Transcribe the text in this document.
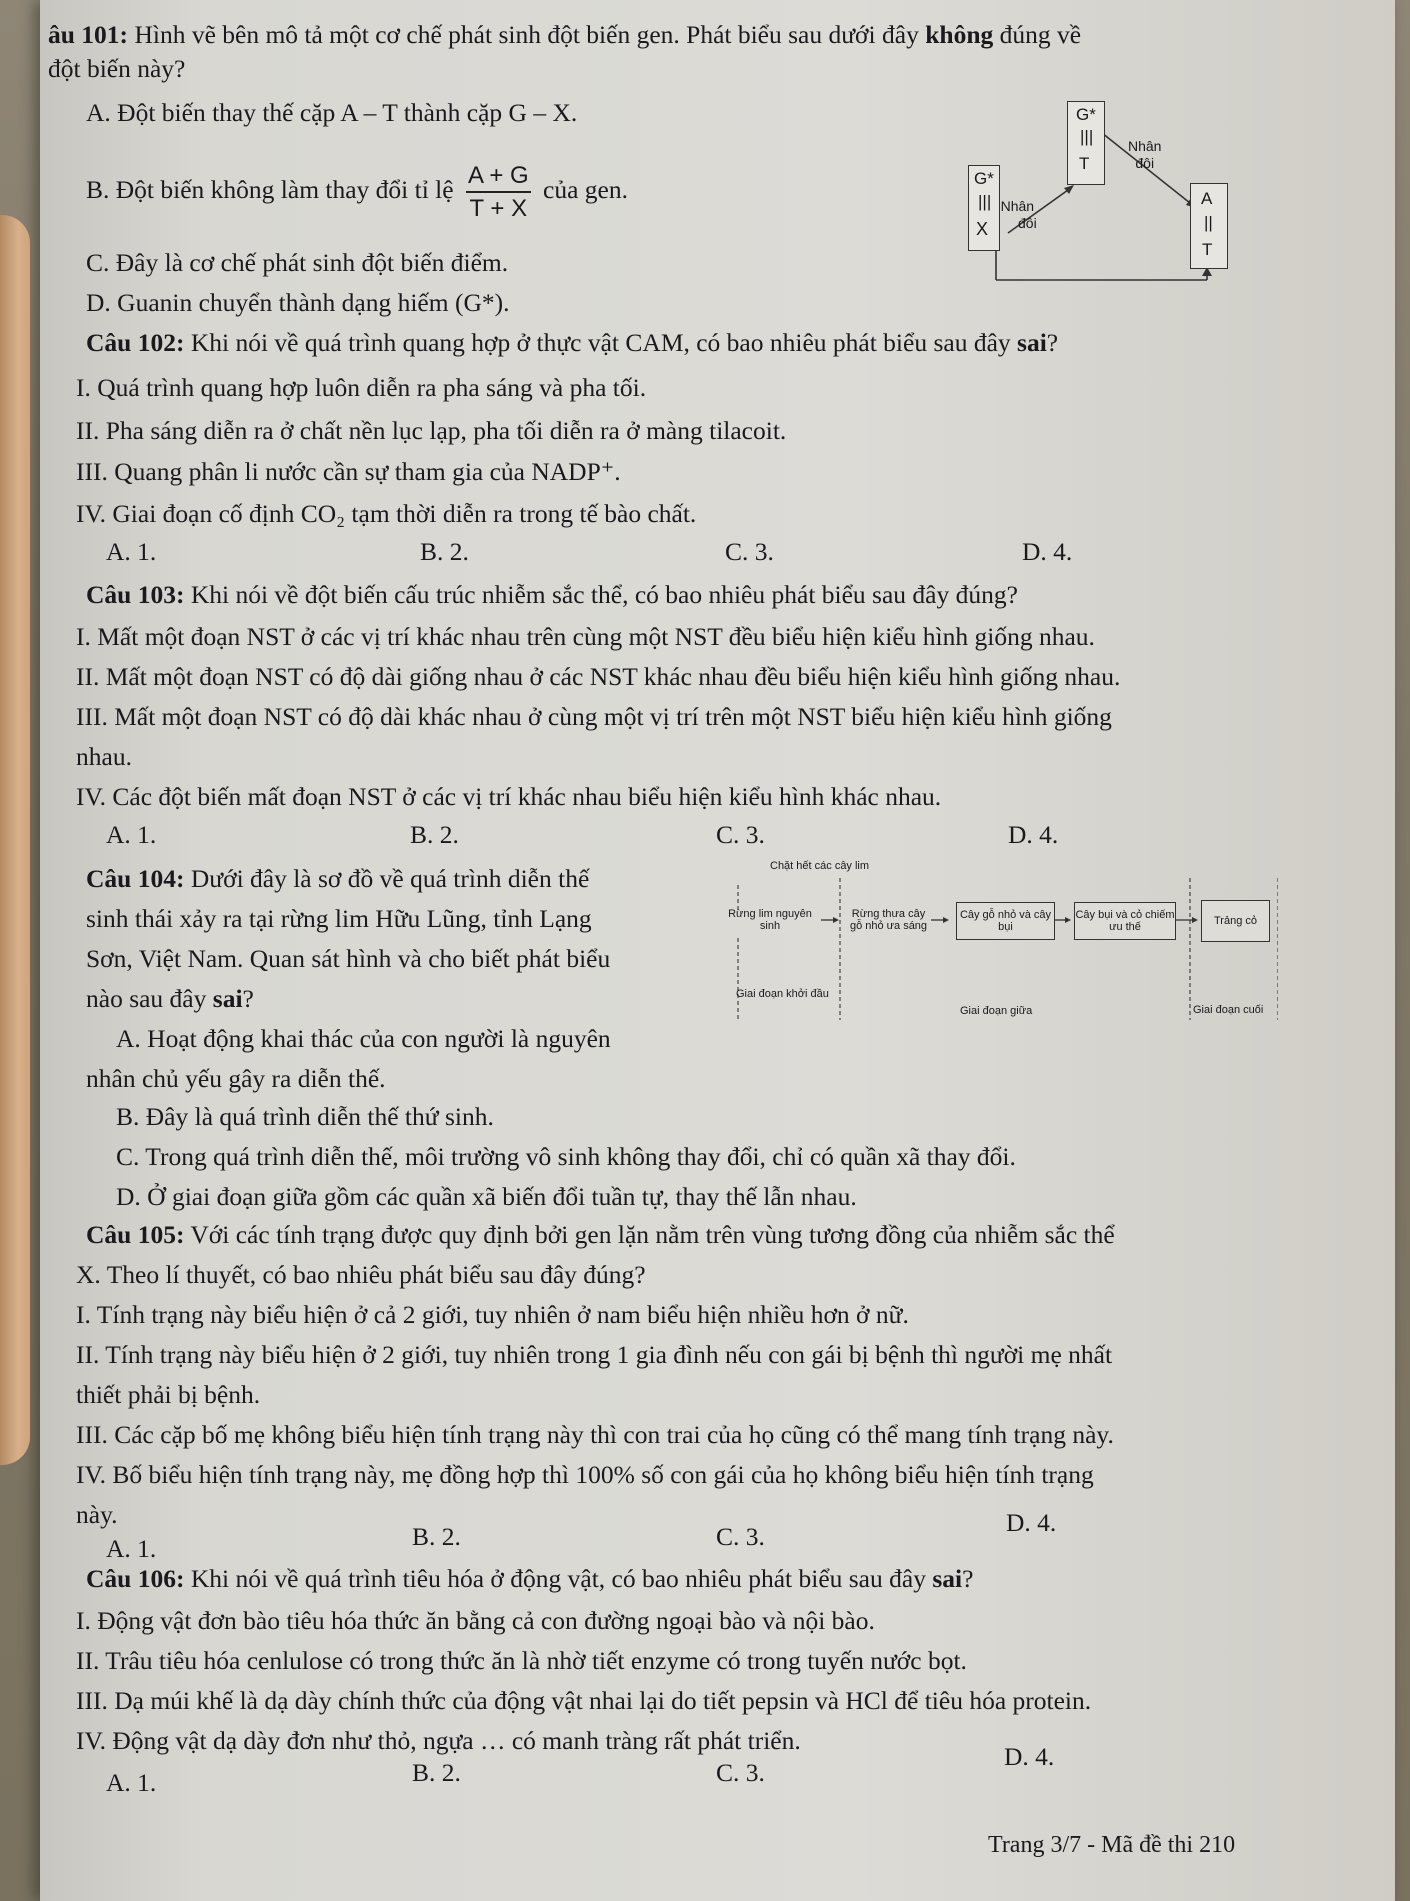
âu 101: Hình vẽ bên mô tả một cơ chế phát sinh đột biến gen. Phát biểu sau dưới đây không đúng về
đột biến này?
A. Đột biến thay thế cặp A – T thành cặp G – X.
B. Đột biến không làm thay đổi tỉ lệ $\frac{A + G}{T + X}$ của gen.
C. Đây là cơ chế phát sinh đột biến điểm.
D. Guanin chuyển thành dạng hiếm (G*).
G*
|||
X
G*
|||
T
A
||
T
Nhân
đôi
Nhân
đôi
Câu 102: Khi nói về quá trình quang hợp ở thực vật CAM, có bao nhiêu phát biểu sau đây sai?
I. Quá trình quang hợp luôn diễn ra pha sáng và pha tối.
II. Pha sáng diễn ra ở chất nền lục lạp, pha tối diễn ra ở màng tilacoit.
III. Quang phân li nước cần sự tham gia của NADP⁺.
IV. Giai đoạn cố định CO₂ tạm thời diễn ra trong tế bào chất.
A. 1.	B. 2.	C. 3.	D. 4.
Câu 103: Khi nói về đột biến cấu trúc nhiễm sắc thể, có bao nhiêu phát biểu sau đây đúng?
I. Mất một đoạn NST ở các vị trí khác nhau trên cùng một NST đều biểu hiện kiểu hình giống nhau.
II. Mất một đoạn NST có độ dài giống nhau ở các NST khác nhau đều biểu hiện kiểu hình giống nhau.
III. Mất một đoạn NST có độ dài khác nhau ở cùng một vị trí trên một NST biểu hiện kiểu hình giống
nhau.
IV. Các đột biến mất đoạn NST ở các vị trí khác nhau biểu hiện kiểu hình khác nhau.
A. 1.	B. 2.	C. 3.	D. 4.
Câu 104: Dưới đây là sơ đồ về quá trình diễn thế
sinh thái xảy ra tại rừng lim Hữu Lũng, tỉnh Lạng
Sơn, Việt Nam. Quan sát hình và cho biết phát biểu
nào sau đây sai?
A. Hoạt động khai thác của con người là nguyên
nhân chủ yếu gây ra diễn thế.
B. Đây là quá trình diễn thế thứ sinh.
C. Trong quá trình diễn thế, môi trường vô sinh không thay đổi, chỉ có quần xã thay đổi.
D. Ở giai đoạn giữa gồm các quần xã biến đổi tuần tự, thay thế lẫn nhau.
Chặt hết các cây lim
Rừng lim nguyên sinh
Rừng thưa cây gỗ nhỏ ưa sáng
Cây gỗ nhỏ và cây bụi
Cây bụi và cỏ chiếm ưu thế
Trảng cỏ
Giai đoạn khởi đầu
Giai đoạn giữa	Giai đoạn cuối
Câu 105: Với các tính trạng được quy định bởi gen lặn nằm trên vùng tương đồng của nhiễm sắc thể
X. Theo lí thuyết, có bao nhiêu phát biểu sau đây đúng?
I. Tính trạng này biểu hiện ở cả 2 giới, tuy nhiên ở nam biểu hiện nhiều hơn ở nữ.
II. Tính trạng này biểu hiện ở 2 giới, tuy nhiên trong 1 gia đình nếu con gái bị bệnh thì người mẹ nhất
thiết phải bị bệnh.
III. Các cặp bố mẹ không biểu hiện tính trạng này thì con trai của họ cũng có thể mang tính trạng này.
IV. Bố biểu hiện tính trạng này, mẹ đồng hợp thì 100% số con gái của họ không biểu hiện tính trạng
này.
A. 1.	B. 2.	C. 3.	D. 4.
Câu 106: Khi nói về quá trình tiêu hóa ở động vật, có bao nhiêu phát biểu sau đây sai?
I. Động vật đơn bào tiêu hóa thức ăn bằng cả con đường ngoại bào và nội bào.
II. Trâu tiêu hóa cenlulose có trong thức ăn là nhờ tiết enzyme có trong tuyến nước bọt.
III. Dạ múi khế là dạ dày chính thức của động vật nhai lại do tiết pepsin và HCl để tiêu hóa protein.
IV. Động vật dạ dày đơn như thỏ, ngựa … có manh tràng rất phát triển.
A. 1.	B. 2.	C. 3.
D. 4.
Trang 3/7 - Mã đề thi 210
